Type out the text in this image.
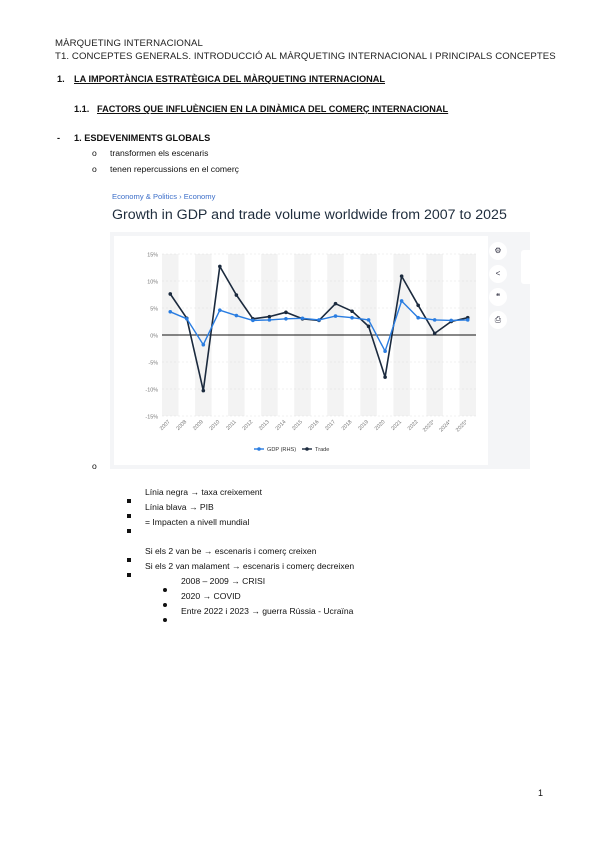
MÀRQUETING INTERNACIONAL
T1. CONCEPTES GENERALS. INTRODUCCIÓ AL MÀRQUETING INTERNACIONAL I PRINCIPALS CONCEPTES
1. LA IMPORTÀNCIA ESTRATÈGICA DEL MÀRQUETING INTERNACIONAL
1.1. FACTORS QUE INFLUÈNCIEN EN LA DINÀMICA DEL COMERÇ INTERNACIONAL
- 1. ESDEVENIMENTS GLOBALS
o transformen els escenaris
o tenen repercussions en el comerç
Economy & Politics › Economy
Growth in GDP and trade volume worldwide from 2007 to 2025
15%
10%
5%
0%
-5%
-10%
-15%
2007 2008 2009 2010 2011 2012 2013 2014 2015 2016 2017 2018 2019 2020 2021 2022 2023* 2024* 2025*
GDP (RHS)	Trade
⚙
<
❝
⎙
o
Línia negra → taxa creixement
Línia blava → PIB
= Impacten a nivell mundial
Si els 2 van be → escenaris i comerç creixen
Si els 2 van malament → escenaris i comerç decreixen
2008 – 2009 → CRISI
2020 → COVID
Entre 2022 i 2023 → guerra Rússia - Ucraïna
1
